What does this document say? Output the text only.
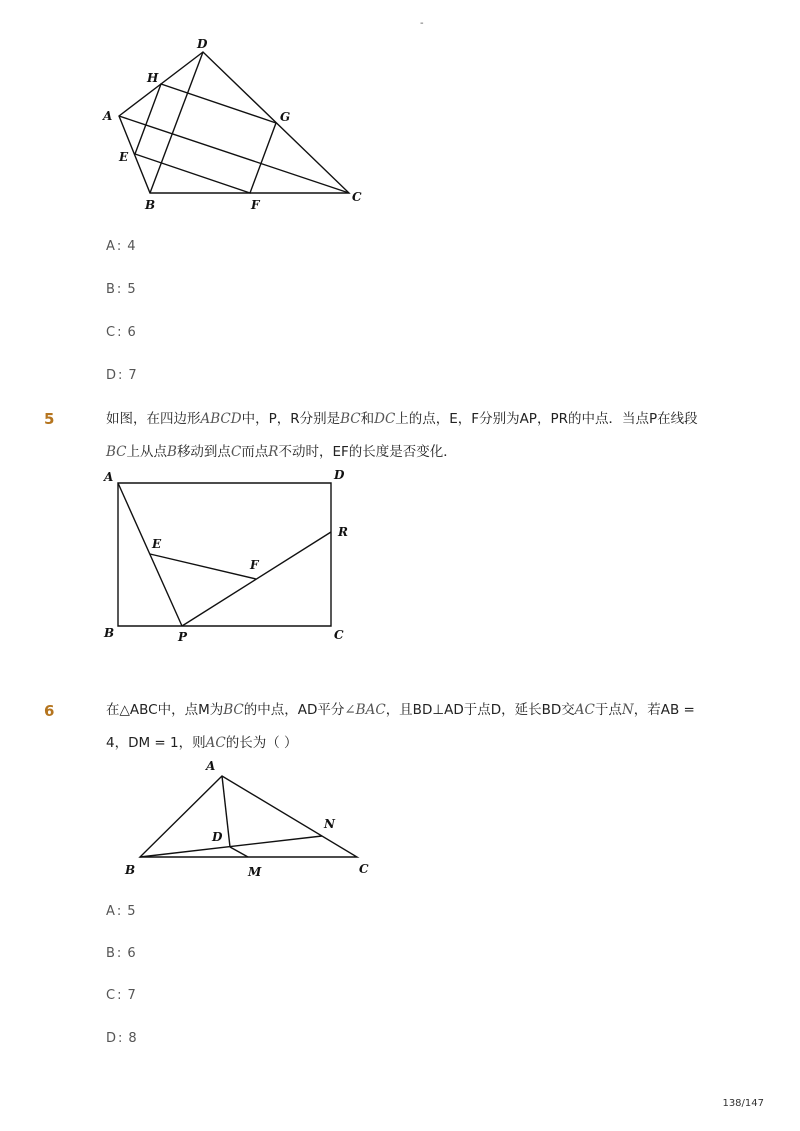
-
A
B
C
D
E
F
G
H
A : 4
B : 5
C : 6
D : 7
5	如图，在四边形ABCD中，P，R分别是BC和DC上的点，E，F分别为AP，PR的中点．当点P在线段BC上从点B移动到点C而点R不动时，EF的长度是否变化．
A
B	C
D
E
F
P
R
6	在△ABC中，点M为BC的中点，AD平分∠BAC，且BD⊥AD于点D，延长BD交AC于点N，若AB = 4，DM = 1，则AC的长为（ ）
A
B	C
D
M
N
A : 5
B : 6
C : 7
D : 8
138/147
